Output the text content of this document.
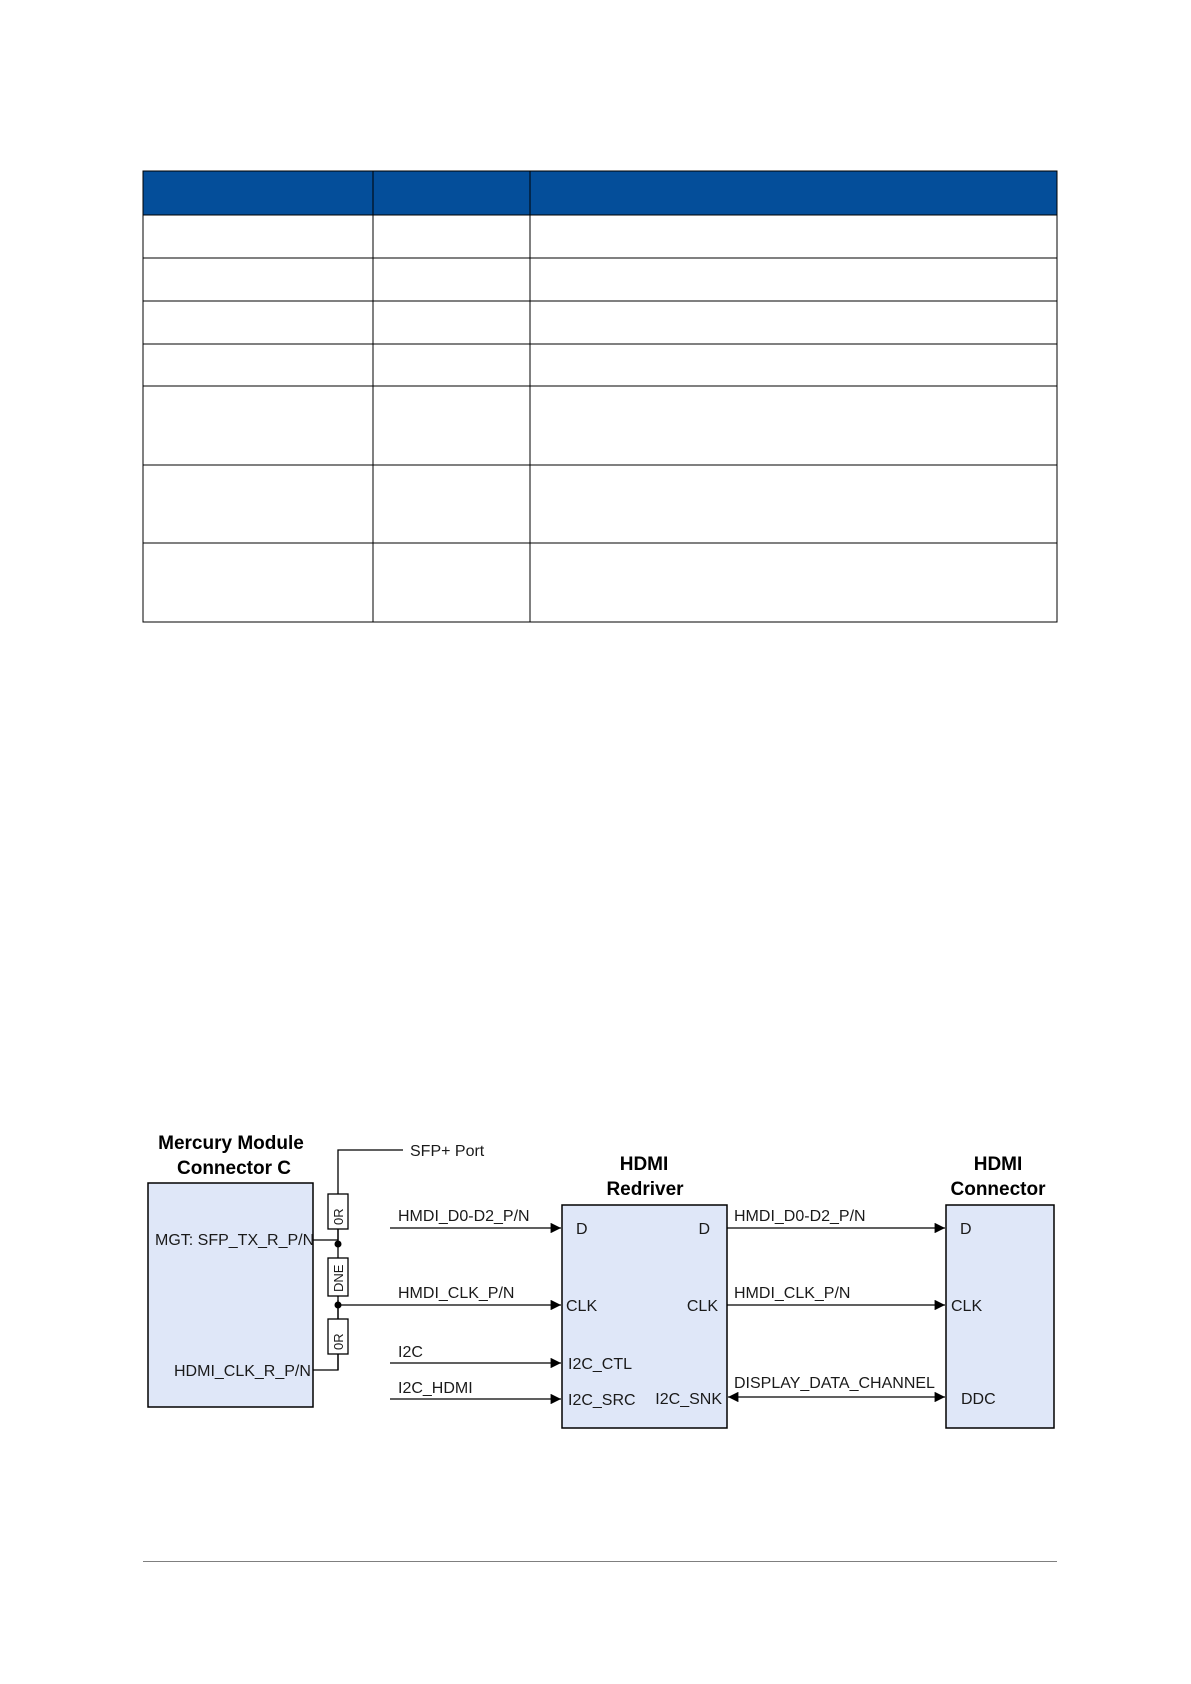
Mercury Module
Connector C
MGT: SFP_TX_R_P/N
HDMI_CLK_R_P/N
SFP+ Port
0R
DNE
0R
HMDI_D0-D2_P/N
HMDI_CLK_P/N
I2C
I2C_HDMI
HDMI
Redriver
D	D
CLK	CLK
I2C_CTL
I2C_SRC I2C_SNK
HMDI_D0-D2_P/N
HMDI_CLK_P/N
DISPLAY_DATA_CHANNEL
HDMI
Connector
D
CLK
DDC
